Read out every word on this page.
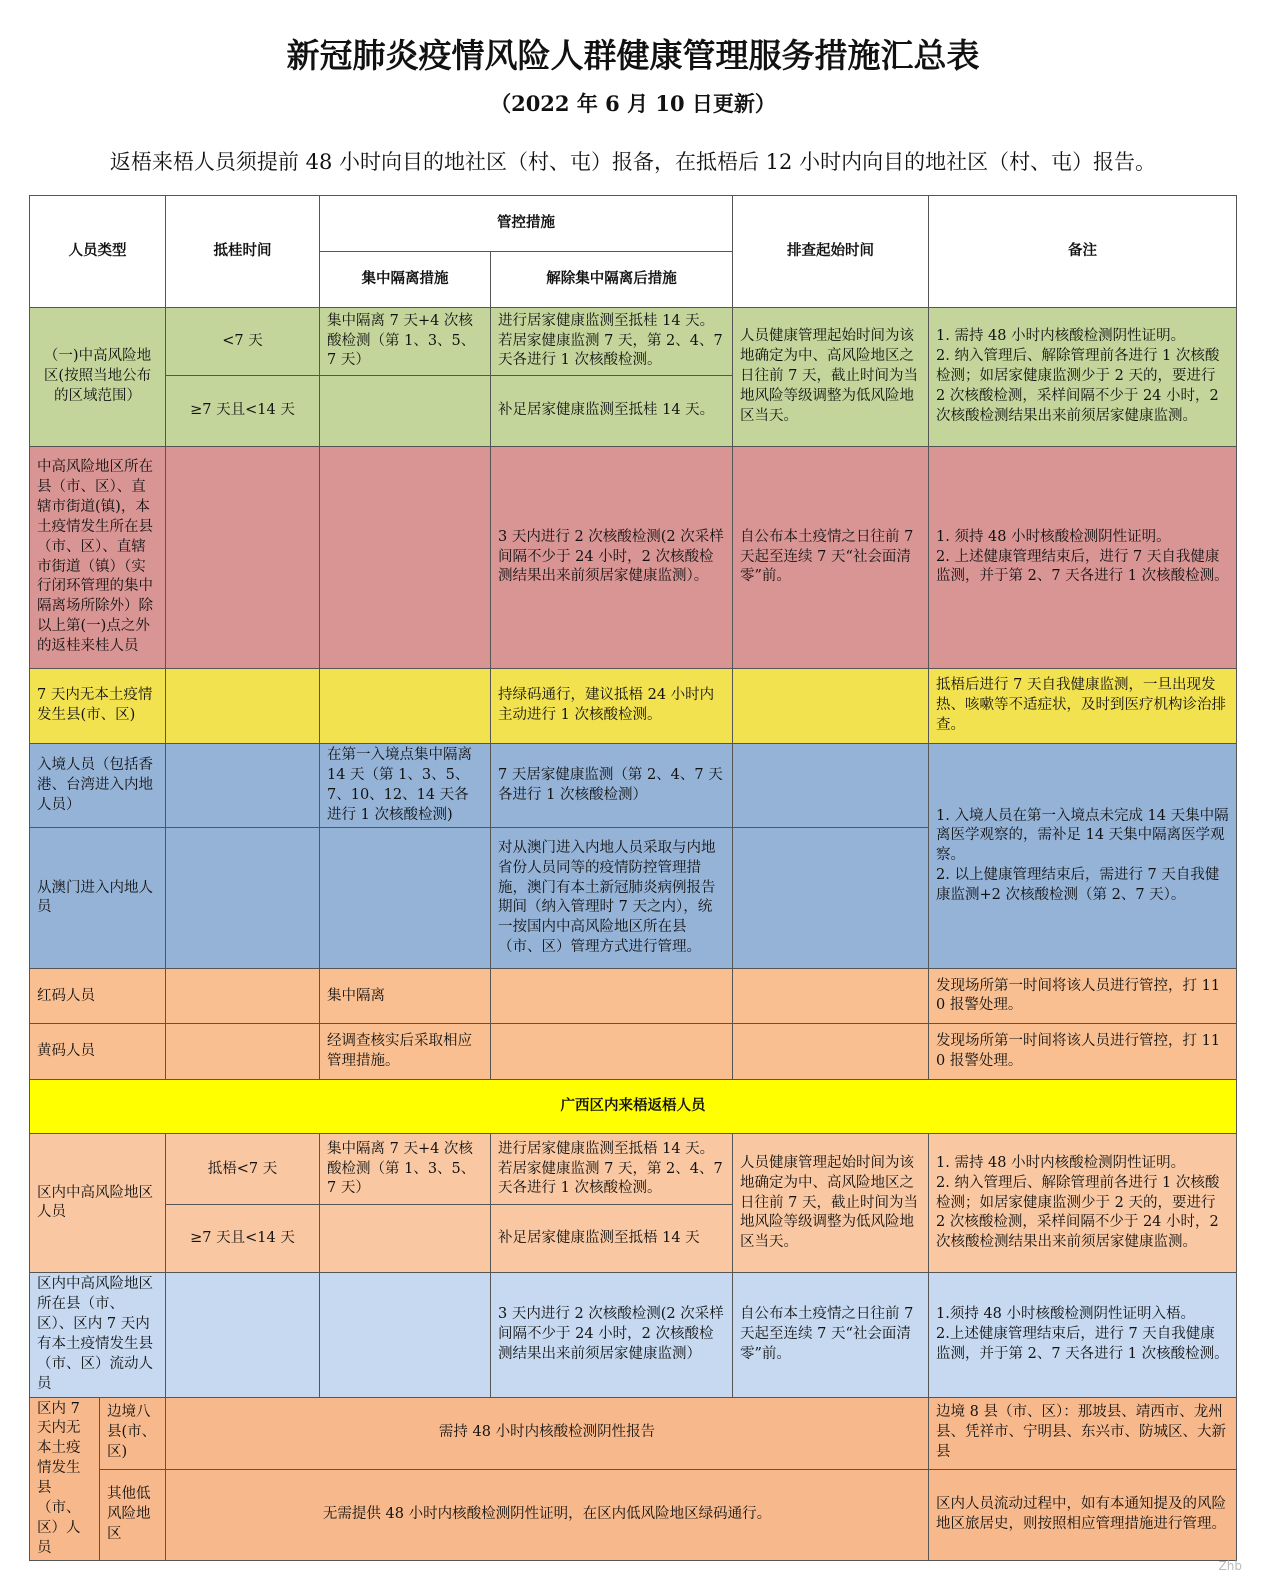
新冠肺炎疫情风险人群健康管理服务措施汇总表
（2022 年 6 月 10 日更新）
返梧来梧人员须提前 48 小时向目的地社区（村、屯）报备，在抵梧后 12 小时内向目的地社区（村、屯）报告。
人员类型		抵桂时间	管控措施		排查起始时间	备注
			集中隔离措施	解除集中隔离后措施		
（一)中高风险地区(按照当地公布的区域范围）		<7 天	集中隔离 7 天+4 次核酸检测（第 1、3、5、7 天）	进行居家健康监测至抵桂 14 天。若居家健康监测 7 天，第 2、4、7 天各进行 1 次核酸检测。	人员健康管理起始时间为该地确定为中、高风险地区之日往前 7 天，截止时间为当地风险等级调整为低风险地区当天。	1. 需持 48 小时内核酸检测阴性证明。
2. 纳入管理后、解除管理前各进行 1 次核酸检测；如居家健康监测少于 2 天的，要进行 2 次核酸检测，采样间隔不少于 24 小时，2 次核酸检测结果出来前须居家健康监测。
		≥7 天且<14 天		补足居家健康监测至抵桂 14 天。		
中高风险地区所在县（市、区）、直辖市街道(镇)，本土疫情发生所在县（市、区）、直辖市街道（镇）（实行闭环管理的集中隔离场所除外）除以上第(一)点之外的返桂来桂人员				3 天内进行 2 次核酸检测(2 次采样间隔不少于 24 小时，2 次核酸检测结果出来前须居家健康监测）。	自公布本土疫情之日往前 7 天起至连续 7 天“社会面清零”前。	1. 须持 48 小时核酸检测阴性证明。
2. 上述健康管理结束后，进行 7 天自我健康监测，并于第 2、7 天各进行 1 次核酸检测。
7 天内无本土疫情发生县(市、区)				持绿码通行，建议抵梧 24 小时内主动进行 1 次核酸检测。		抵梧后进行 7 天自我健康监测，一旦出现发热、咳嗽等不适症状，及时到医疗机构诊治排查。
入境人员（包括香港、台湾进入内地人员）			在第一入境点集中隔离 14 天（第 1、3、5、7、10、12、14 天各进行 1 次核酸检测)	7 天居家健康监测（第 2、4、7 天各进行 1 次核酸检测）		1. 入境人员在第一入境点未完成 14 天集中隔离医学观察的，需补足 14 天集中隔离医学观察。
2. 以上健康管理结束后，需进行 7 天自我健康监测+2 次核酸检测（第 2、7 天）。
从澳门进入内地人员				对从澳门进入内地人员采取与内地省份人员同等的疫情防控管理措施，澳门有本土新冠肺炎病例报告期间（纳入管理时 7 天之内），统一按国内中高风险地区所在县（市、区）管理方式进行管理。		
红码人员			集中隔离			发现场所第一时间将该人员进行管控，打 110 报警处理。
黄码人员			经调查核实后采取相应管理措施。			发现场所第一时间将该人员进行管控，打 110 报警处理。
广西区内来梧返梧人员						
区内中高风险地区人员		抵梧<7 天	集中隔离 7 天+4 次核酸检测（第 1、3、5、7 天）	进行居家健康监测至抵梧 14 天。若居家健康监测 7 天，第 2、4、7 天各进行 1 次核酸检测。	人员健康管理起始时间为该地确定为中、高风险地区之日往前 7 天，截止时间为当地风险等级调整为低风险地区当天。	1. 需持 48 小时内核酸检测阴性证明。
2. 纳入管理后、解除管理前各进行 1 次核酸检测；如居家健康监测少于 2 天的，要进行 2 次核酸检测，采样间隔不少于 24 小时，2 次核酸检测结果出来前须居家健康监测。
		≥7 天且<14 天		补足居家健康监测至抵梧 14 天		
区内中高风险地区所在县（市、区）、区内 7 天内有本土疫情发生县（市、区）流动人员				3 天内进行 2 次核酸检测(2 次采样间隔不少于 24 小时，2 次核酸检测结果出来前须居家健康监测）	自公布本土疫情之日往前 7 天起至连续 7 天“社会面清零”前。	1.须持 48 小时核酸检测阴性证明入梧。
2.上述健康管理结束后，进行 7 天自我健康监测，并于第 2、7 天各进行 1 次核酸检测。
区内 7 天内无本土疫情发生县（市、区）人员	边境八县(市、区)	需持 48 小时内核酸检测阴性报告				边境 8 县（市、区）：那坡县、靖西市、龙州县、凭祥市、宁明县、东兴市、防城区、大新县
	其他低风险地区	无需提供 48 小时内核酸检测阴性证明，在区内低风险地区绿码通行。				区内人员流动过程中，如有本通知提及的风险地区旅居史，则按照相应管理措施进行管理。
Zhb
